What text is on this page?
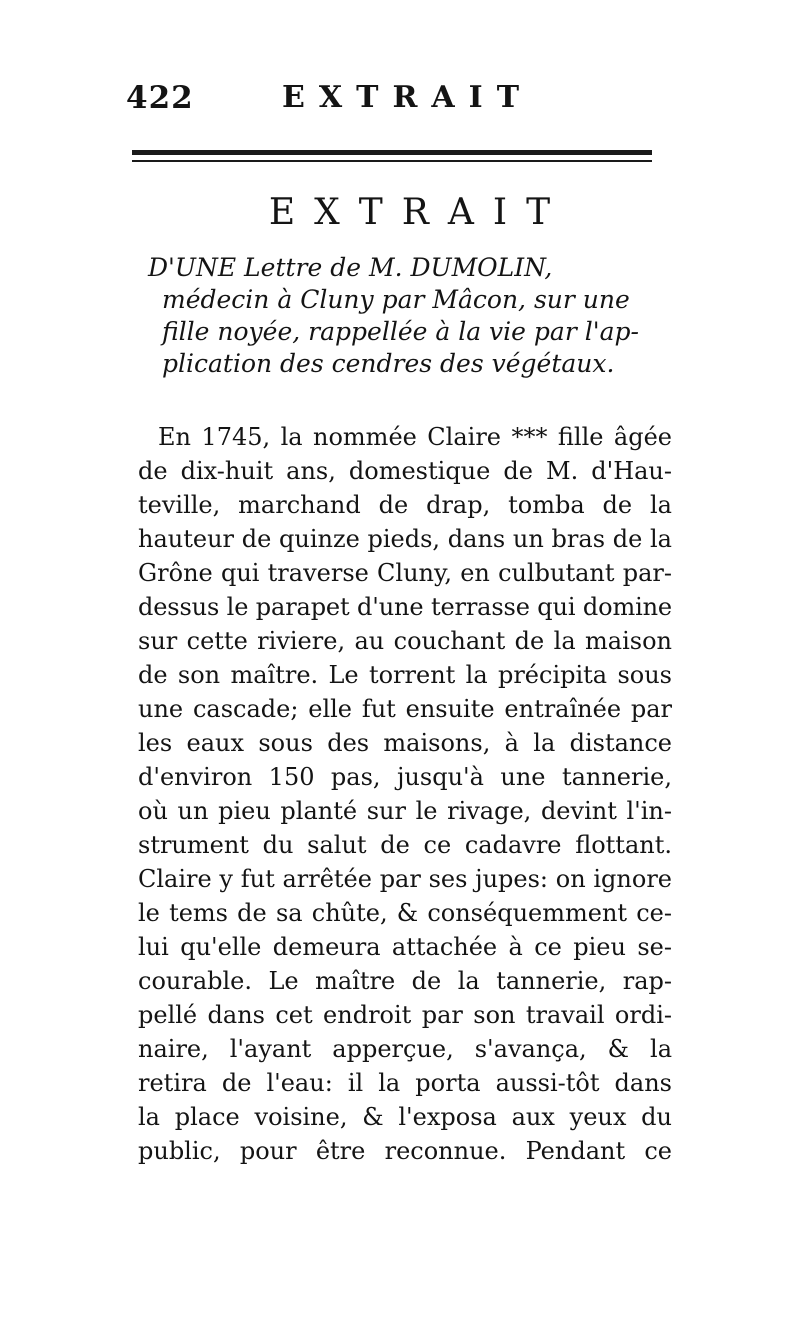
422	EXTRAIT
EXTRAIT
D'UNE Lettre de M. DUMOLIN,
médecin à Cluny par Mâcon, sur une
fille noyée, rappellée à la vie par l'ap-
plication des cendres des végétaux.
En 1745, la nommée Claire *** fille âgée
de dix-huit ans, domestique de M. d'Hau-
teville, marchand de drap, tomba de la
hauteur de quinze pieds, dans un bras de la
Grône qui traverse Cluny, en culbutant par-
dessus le parapet d'une terrasse qui domine
sur cette riviere, au couchant de la maison
de son maître. Le torrent la précipita sous
une cascade; elle fut ensuite entraînée par
les eaux sous des maisons, à la distance
d'environ 150 pas, jusqu'à une tannerie,
où un pieu planté sur le rivage, devint l'in-
strument du salut de ce cadavre flottant.
Claire y fut arrêtée par ses jupes: on ignore
le tems de sa chûte, & conséquemment ce-
lui qu'elle demeura attachée à ce pieu se-
courable. Le maître de la tannerie, rap-
pellé dans cet endroit par son travail ordi-
naire, l'ayant apperçue, s'avança, & la
retira de l'eau: il la porta aussi-tôt dans
la place voisine, & l'exposa aux yeux du
public, pour être reconnue. Pendant ce
